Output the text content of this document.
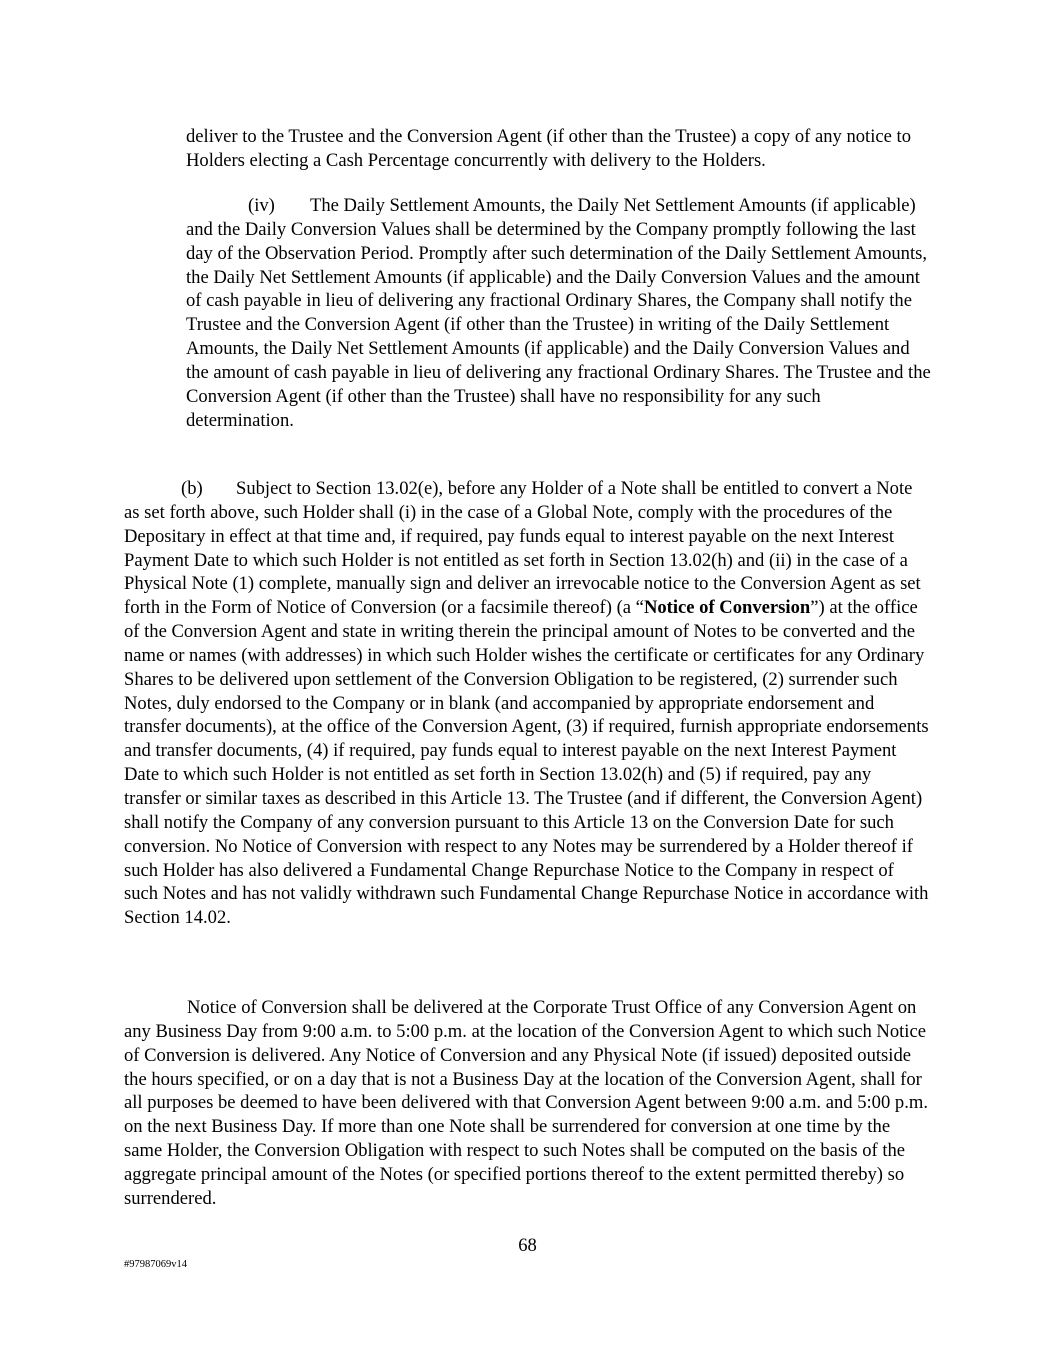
deliver to the Trustee and the Conversion Agent (if other than the Trustee) a copy of any notice to Holders electing a Cash Percentage concurrently with delivery to the Holders.

(iv) The Daily Settlement Amounts, the Daily Net Settlement Amounts (if applicable) and the Daily Conversion Values shall be determined by the Company promptly following the last day of the Observation Period. Promptly after such determination of the Daily Settlement Amounts, the Daily Net Settlement Amounts (if applicable) and the Daily Conversion Values and the amount of cash payable in lieu of delivering any fractional Ordinary Shares, the Company shall notify the Trustee and the Conversion Agent (if other than the Trustee) in writing of the Daily Settlement Amounts, the Daily Net Settlement Amounts (if applicable) and the Daily Conversion Values and the amount of cash payable in lieu of delivering any fractional Ordinary Shares. The Trustee and the Conversion Agent (if other than the Trustee) shall have no responsibility for any such determination.

(b) Subject to Section 13.02(e), before any Holder of a Note shall be entitled to convert a Note as set forth above, such Holder shall (i) in the case of a Global Note, comply with the procedures of the Depositary in effect at that time and, if required, pay funds equal to interest payable on the next Interest Payment Date to which such Holder is not entitled as set forth in Section 13.02(h) and (ii) in the case of a Physical Note (1) complete, manually sign and deliver an irrevocable notice to the Conversion Agent as set forth in the Form of Notice of Conversion (or a facsimile thereof) (a “Notice of Conversion”) at the office of the Conversion Agent and state in writing therein the principal amount of Notes to be converted and the name or names (with addresses) in which such Holder wishes the certificate or certificates for any Ordinary Shares to be delivered upon settlement of the Conversion Obligation to be registered, (2) surrender such Notes, duly endorsed to the Company or in blank (and accompanied by appropriate endorsement and transfer documents), at the office of the Conversion Agent, (3) if required, furnish appropriate endorsements and transfer documents, (4) if required, pay funds equal to interest payable on the next Interest Payment Date to which such Holder is not entitled as set forth in Section 13.02(h) and (5) if required, pay any transfer or similar taxes as described in this Article 13. The Trustee (and if different, the Conversion Agent) shall notify the Company of any conversion pursuant to this Article 13 on the Conversion Date for such conversion. No Notice of Conversion with respect to any Notes may be surrendered by a Holder thereof if such Holder has also delivered a Fundamental Change Repurchase Notice to the Company in respect of such Notes and has not validly withdrawn such Fundamental Change Repurchase Notice in accordance with Section 14.02.

Notice of Conversion shall be delivered at the Corporate Trust Office of any Conversion Agent on any Business Day from 9:00 a.m. to 5:00 p.m. at the location of the Conversion Agent to which such Notice of Conversion is delivered. Any Notice of Conversion and any Physical Note (if issued) deposited outside the hours specified, or on a day that is not a Business Day at the location of the Conversion Agent, shall for all purposes be deemed to have been delivered with that Conversion Agent between 9:00 a.m. and 5:00 p.m. on the next Business Day. If more than one Note shall be surrendered for conversion at one time by the same Holder, the Conversion Obligation with respect to such Notes shall be computed on the basis of the aggregate principal amount of the Notes (or specified portions thereof to the extent permitted thereby) so surrendered.

68
#97987069v14
